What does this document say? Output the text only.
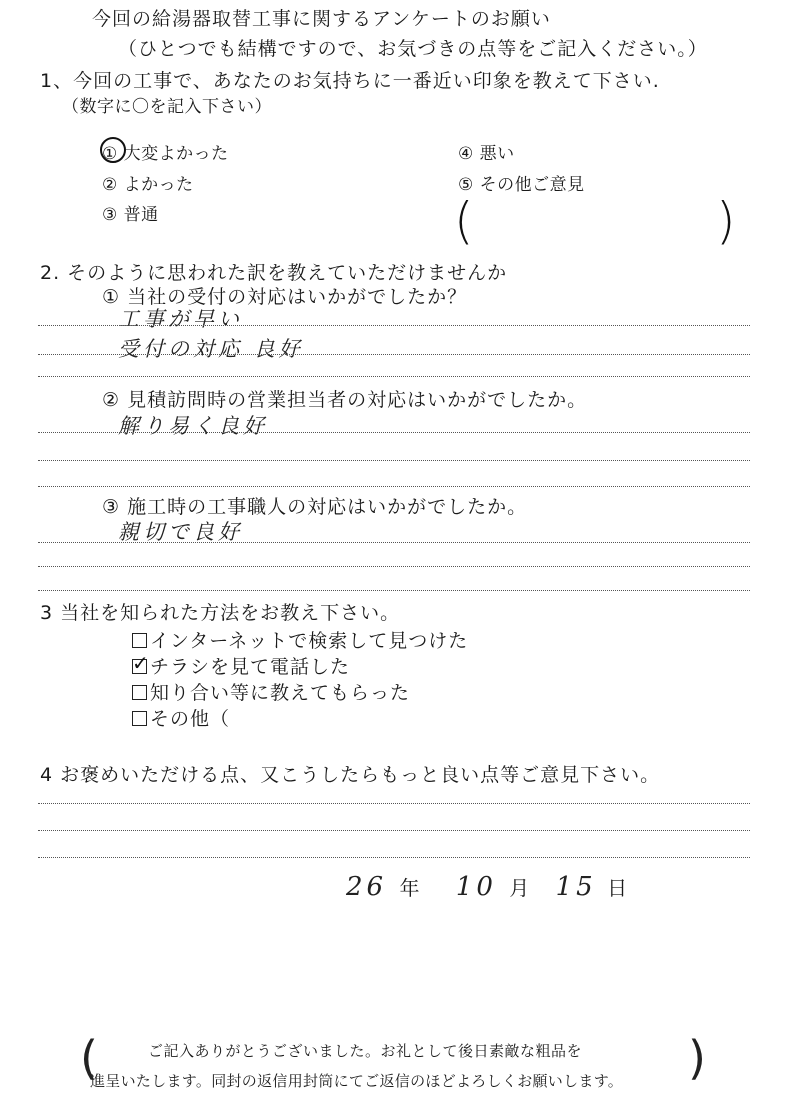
今回の給湯器取替工事に関するアンケートのお願い
（ひとつでも結構ですので、お気づきの点等をご記入ください。）
1、今回の工事で、あなたのお気持ちに一番近い印象を教えて下さい.
（数字に〇を記入下さい）
① 大変よかった
② よかった
③ 普通
④ 悪い
⑤ その他ご意見
(	)
2. そのように思われた訳を教えていただけませんか
① 当社の受付の対応はいかがでしたか？
工事が早い
受付の対応 良好
② 見積訪問時の営業担当者の対応はいかがでしたか。
解り易く良好
③ 施工時の工事職人の対応はいかがでしたか。
親切で良好
3 当社を知られた方法をお教え下さい。
インターネットで検索して見つけた
✓ チラシを見て電話した
知り合い等に教えてもらった
その他（
4 お褒めいただける点、又こうしたらもっと良い点等ご意見下さい。
26 年 10 月 15 日
(	)
ご記入ありがとうございました。お礼として後日素敵な粗品を
進呈いたします。同封の返信用封筒にてご返信のほどよろしくお願いします。
